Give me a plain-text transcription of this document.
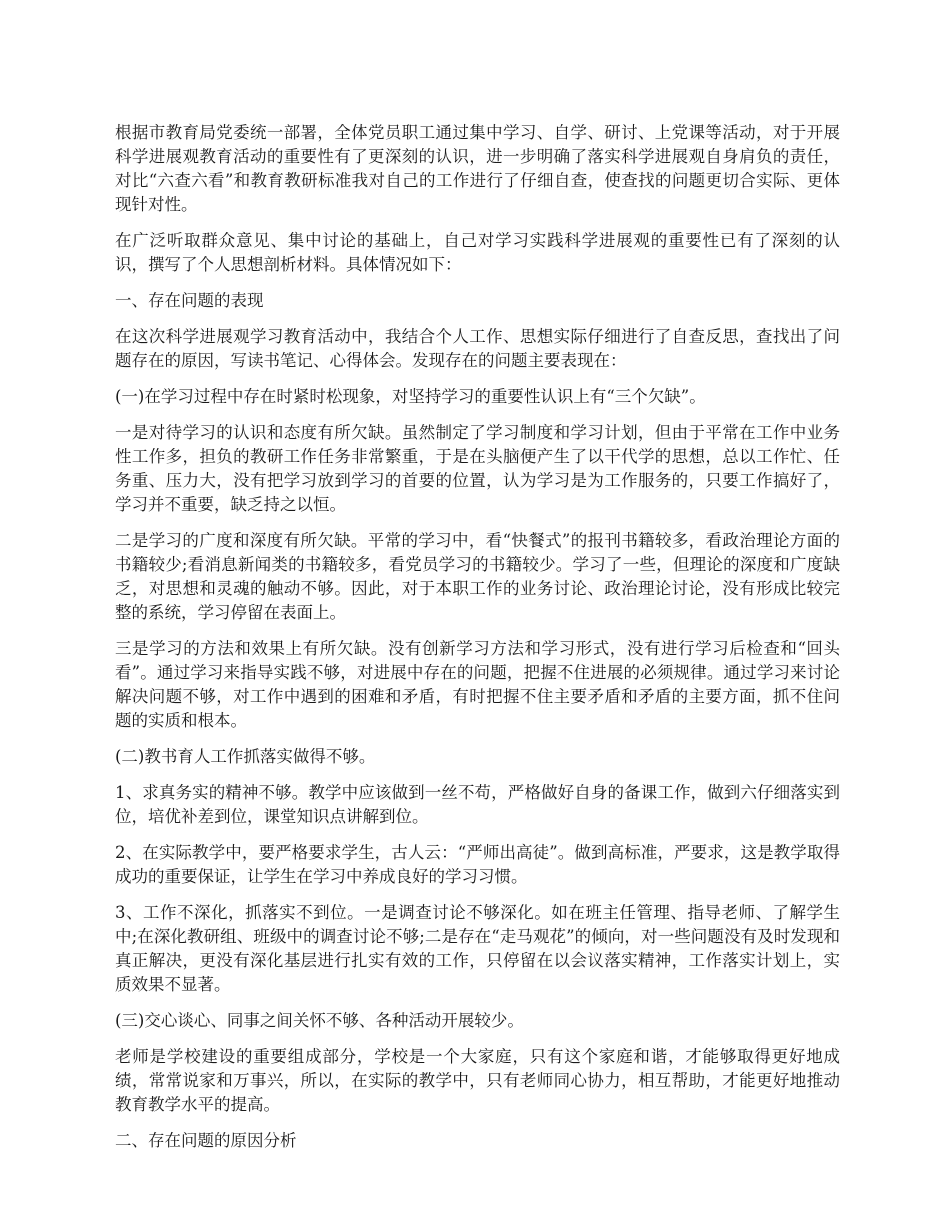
根据市教育局党委统一部署，全体党员职工通过集中学习、自学、研讨、上党课等活动，对于开展科学进展观教育活动的重要性有了更深刻的认识，进一步明确了落实科学进展观自身肩负的责任，对比“六查六看”和教育教研标准我对自己的工作进行了仔细自查，使查找的问题更切合实际、更体现针对性。

在广泛听取群众意见、集中讨论的基础上，自己对学习实践科学进展观的重要性已有了深刻的认识，撰写了个人思想剖析材料。具体情况如下：

一、存在问题的表现

在这次科学进展观学习教育活动中，我结合个人工作、思想实际仔细进行了自查反思，查找出了问题存在的原因，写读书笔记、心得体会。发现存在的问题主要表现在：

(一)在学习过程中存在时紧时松现象，对坚持学习的重要性认识上有“三个欠缺”。

一是对待学习的认识和态度有所欠缺。虽然制定了学习制度和学习计划，但由于平常在工作中业务性工作多，担负的教研工作任务非常繁重，于是在头脑便产生了以干代学的思想，总以工作忙、任务重、压力大，没有把学习放到学习的首要的位置，认为学习是为工作服务的，只要工作搞好了，学习并不重要，缺乏持之以恒。

二是学习的广度和深度有所欠缺。平常的学习中，看“快餐式”的报刊书籍较多，看政治理论方面的书籍较少;看消息新闻类的书籍较多，看党员学习的书籍较少。学习了一些，但理论的深度和广度缺乏，对思想和灵魂的触动不够。因此，对于本职工作的业务讨论、政治理论讨论，没有形成比较完整的系统，学习停留在表面上。

三是学习的方法和效果上有所欠缺。没有创新学习方法和学习形式，没有进行学习后检查和“回头看”。通过学习来指导实践不够，对进展中存在的问题，把握不住进展的必须规律。通过学习来讨论解决问题不够，对工作中遇到的困难和矛盾，有时把握不住主要矛盾和矛盾的主要方面，抓不住问题的实质和根本。

(二)教书育人工作抓落实做得不够。

1、求真务实的精神不够。教学中应该做到一丝不苟，严格做好自身的备课工作，做到六仔细落实到位，培优补差到位，课堂知识点讲解到位。

2、在实际教学中，要严格要求学生，古人云：“严师出高徒”。做到高标准，严要求，这是教学取得成功的重要保证，让学生在学习中养成良好的学习习惯。

3、工作不深化，抓落实不到位。一是调查讨论不够深化。如在班主任管理、指导老师、了解学生中;在深化教研组、班级中的调查讨论不够;二是存在“走马观花”的倾向，对一些问题没有及时发现和真正解决，更没有深化基层进行扎实有效的工作，只停留在以会议落实精神，工作落实计划上，实质效果不显著。

(三)交心谈心、同事之间关怀不够、各种活动开展较少。

老师是学校建设的重要组成部分，学校是一个大家庭，只有这个家庭和谐，才能够取得更好地成绩，常常说家和万事兴，所以，在实际的教学中，只有老师同心协力，相互帮助，才能更好地推动教育教学水平的提高。

二、存在问题的原因分析
